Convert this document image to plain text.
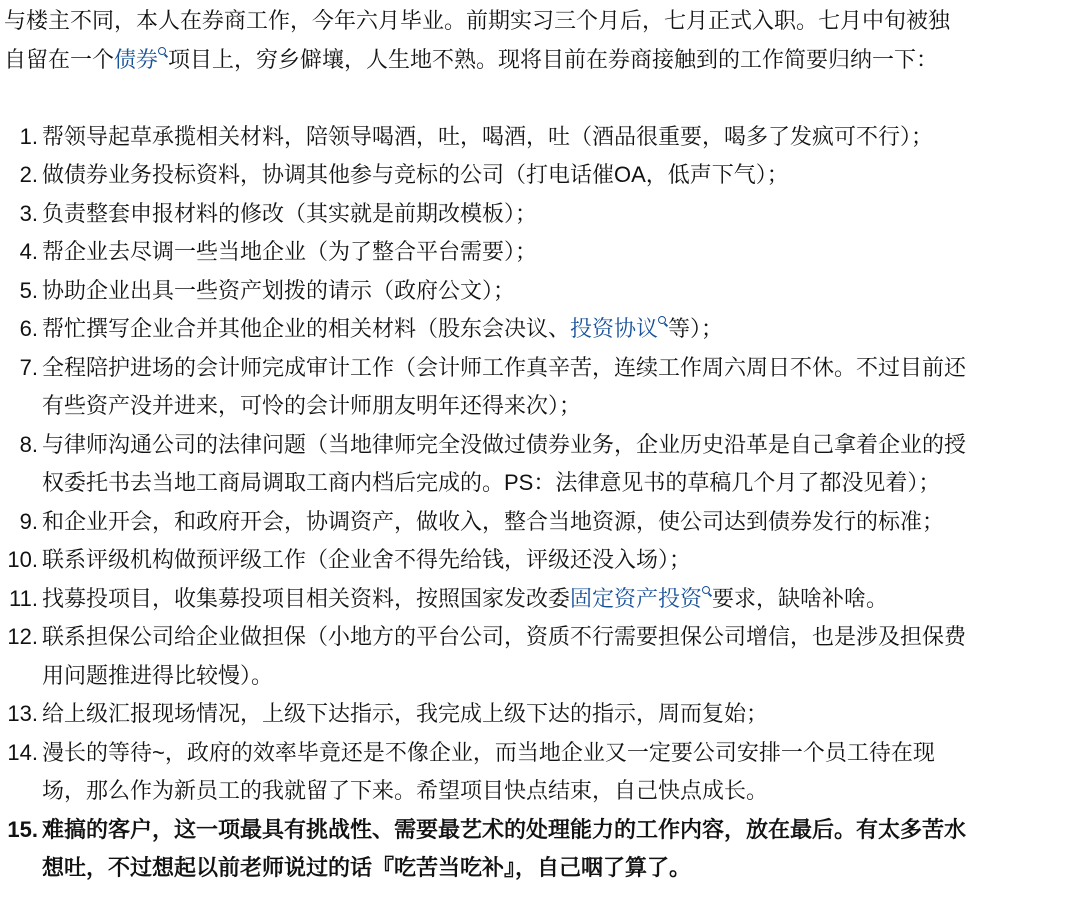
与楼主不同，本人在券商工作，今年六月毕业。前期实习三个月后，七月正式入职。七月中旬被独
自留在一个债券 项目上，穷乡僻壤，人生地不熟。现将目前在券商接触到的工作简要归纳一下：
1. 帮领导起草承揽相关材料，陪领导喝酒，吐，喝酒，吐（酒品很重要，喝多了发疯可不行）；
2. 做债券业务投标资料，协调其他参与竞标的公司（打电话催OA，低声下气）；
3. 负责整套申报材料的修改（其实就是前期改模板）；
4. 帮企业去尽调一些当地企业（为了整合平台需要）；
5. 协助企业出具一些资产划拨的请示（政府公文）；
6. 帮忙撰写企业合并其他企业的相关材料（股东会决议、投资协议 等）；
7. 全程陪护进场的会计师完成审计工作（会计师工作真辛苦，连续工作周六周日不休。不过目前还
有些资产没并进来，可怜的会计师朋友明年还得来次）；
8. 与律师沟通公司的法律问题（当地律师完全没做过债券业务，企业历史沿革是自己拿着企业的授
权委托书去当地工商局调取工商内档后完成的。PS：法律意见书的草稿几个月了都没见着）；
9. 和企业开会，和政府开会，协调资产，做收入，整合当地资源，使公司达到债券发行的标准；
10. 联系评级机构做预评级工作（企业舍不得先给钱，评级还没入场）；
11. 找募投项目，收集募投项目相关资料，按照国家发改委固定资产投资 要求，缺啥补啥。
12. 联系担保公司给企业做担保（小地方的平台公司，资质不行需要担保公司增信，也是涉及担保费
用问题推进得比较慢）。
13. 给上级汇报现场情况，上级下达指示，我完成上级下达的指示，周而复始；
14. 漫长的等待~，政府的效率毕竟还是不像企业，而当地企业又一定要公司安排一个员工待在现
场，那么作为新员工的我就留了下来。希望项目快点结束，自己快点成长。
15. 难搞的客户，这一项最具有挑战性、需要最艺术的处理能力的工作内容，放在最后。有太多苦水
想吐，不过想起以前老师说过的话『吃苦当吃补』，自己咽了算了。
